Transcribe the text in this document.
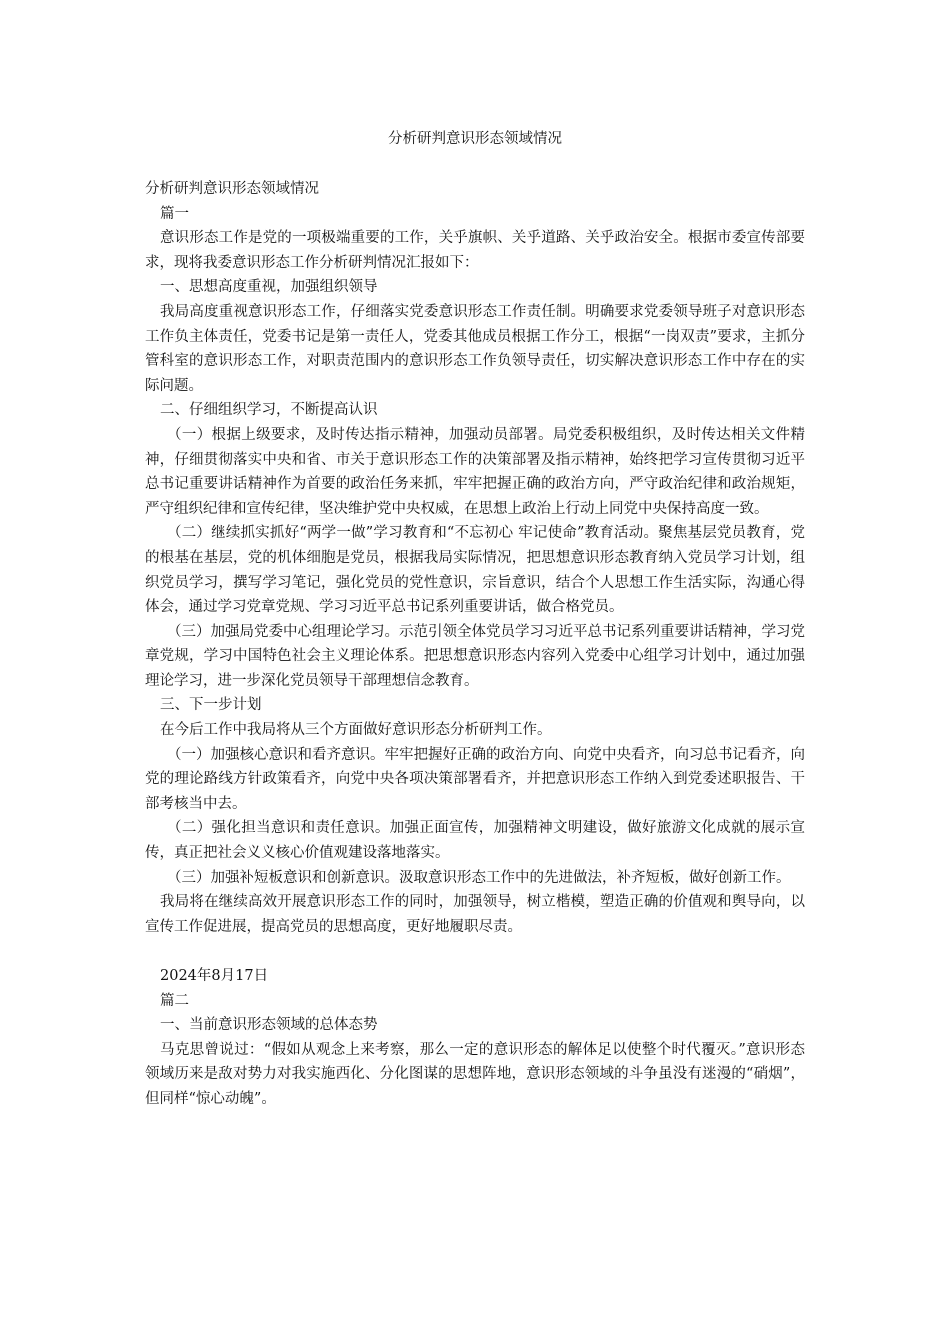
分析研判意识形态领域情况

分析研判意识形态领域情况

篇一

意识形态工作是党的一项极端重要的工作，关乎旗帜、关乎道路、关乎政治安全。根据市委宣传部要求，现将我委意识形态工作分析研判情况汇报如下：

一、思想高度重视，加强组织领导

我局高度重视意识形态工作，仔细落实党委意识形态工作责任制。明确要求党委领导班子对意识形态工作负主体责任，党委书记是第一责任人，党委其他成员根据工作分工，根据“一岗双责”要求，主抓分管科室的意识形态工作，对职责范围内的意识形态工作负领导责任，切实解决意识形态工作中存在的实际问题。

二、仔细组织学习，不断提高认识

（一）根据上级要求，及时传达指示精神，加强动员部署。局党委积极组织，及时传达相关文件精神，仔细贯彻落实中央和省、市关于意识形态工作的决策部署及指示精神，始终把学习宣传贯彻习近平总书记重要讲话精神作为首要的政治任务来抓，牢牢把握正确的政治方向，严守政治纪律和政治规矩，严守组织纪律和宣传纪律，坚决维护党中央权威，在思想上政治上行动上同党中央保持高度一致。

（二）继续抓实抓好“两学一做”学习教育和“不忘初心 牢记使命”教育活动。聚焦基层党员教育，党的根基在基层，党的机体细胞是党员，根据我局实际情况，把思想意识形态教育纳入党员学习计划，组织党员学习，撰写学习笔记，强化党员的党性意识，宗旨意识，结合个人思想工作生活实际，沟通心得体会，通过学习党章党规、学习习近平总书记系列重要讲话，做合格党员。

（三）加强局党委中心组理论学习。示范引领全体党员学习习近平总书记系列重要讲话精神，学习党章党规，学习中国特色社会主义理论体系。把思想意识形态内容列入党委中心组学习计划中，通过加强理论学习，进一步深化党员领导干部理想信念教育。

三、下一步计划

在今后工作中我局将从三个方面做好意识形态分析研判工作。

（一）加强核心意识和看齐意识。牢牢把握好正确的政治方向、向党中央看齐，向习总书记看齐，向党的理论路线方针政策看齐，向党中央各项决策部署看齐，并把意识形态工作纳入到党委述职报告、干部考核当中去。

（二）强化担当意识和责任意识。加强正面宣传，加强精神文明建设，做好旅游文化成就的展示宣传，真正把社会义义核心价值观建设落地落实。

（三）加强补短板意识和创新意识。汲取意识形态工作中的先进做法，补齐短板，做好创新工作。

我局将在继续高效开展意识形态工作的同时，加强领导，树立楷模，塑造正确的价值观和舆导向，以宣传工作促进展，提高党员的思想高度，更好地履职尽责。

2024年8月17日

篇二

一、当前意识形态领域的总体态势

马克思曾说过：“假如从观念上来考察，那么一定的意识形态的解体足以使整个时代覆灭。”意识形态领域历来是敌对势力对我实施西化、分化图谋的思想阵地，意识形态领域的斗争虽没有迷漫的“硝烟”，但同样“惊心动魄”。
